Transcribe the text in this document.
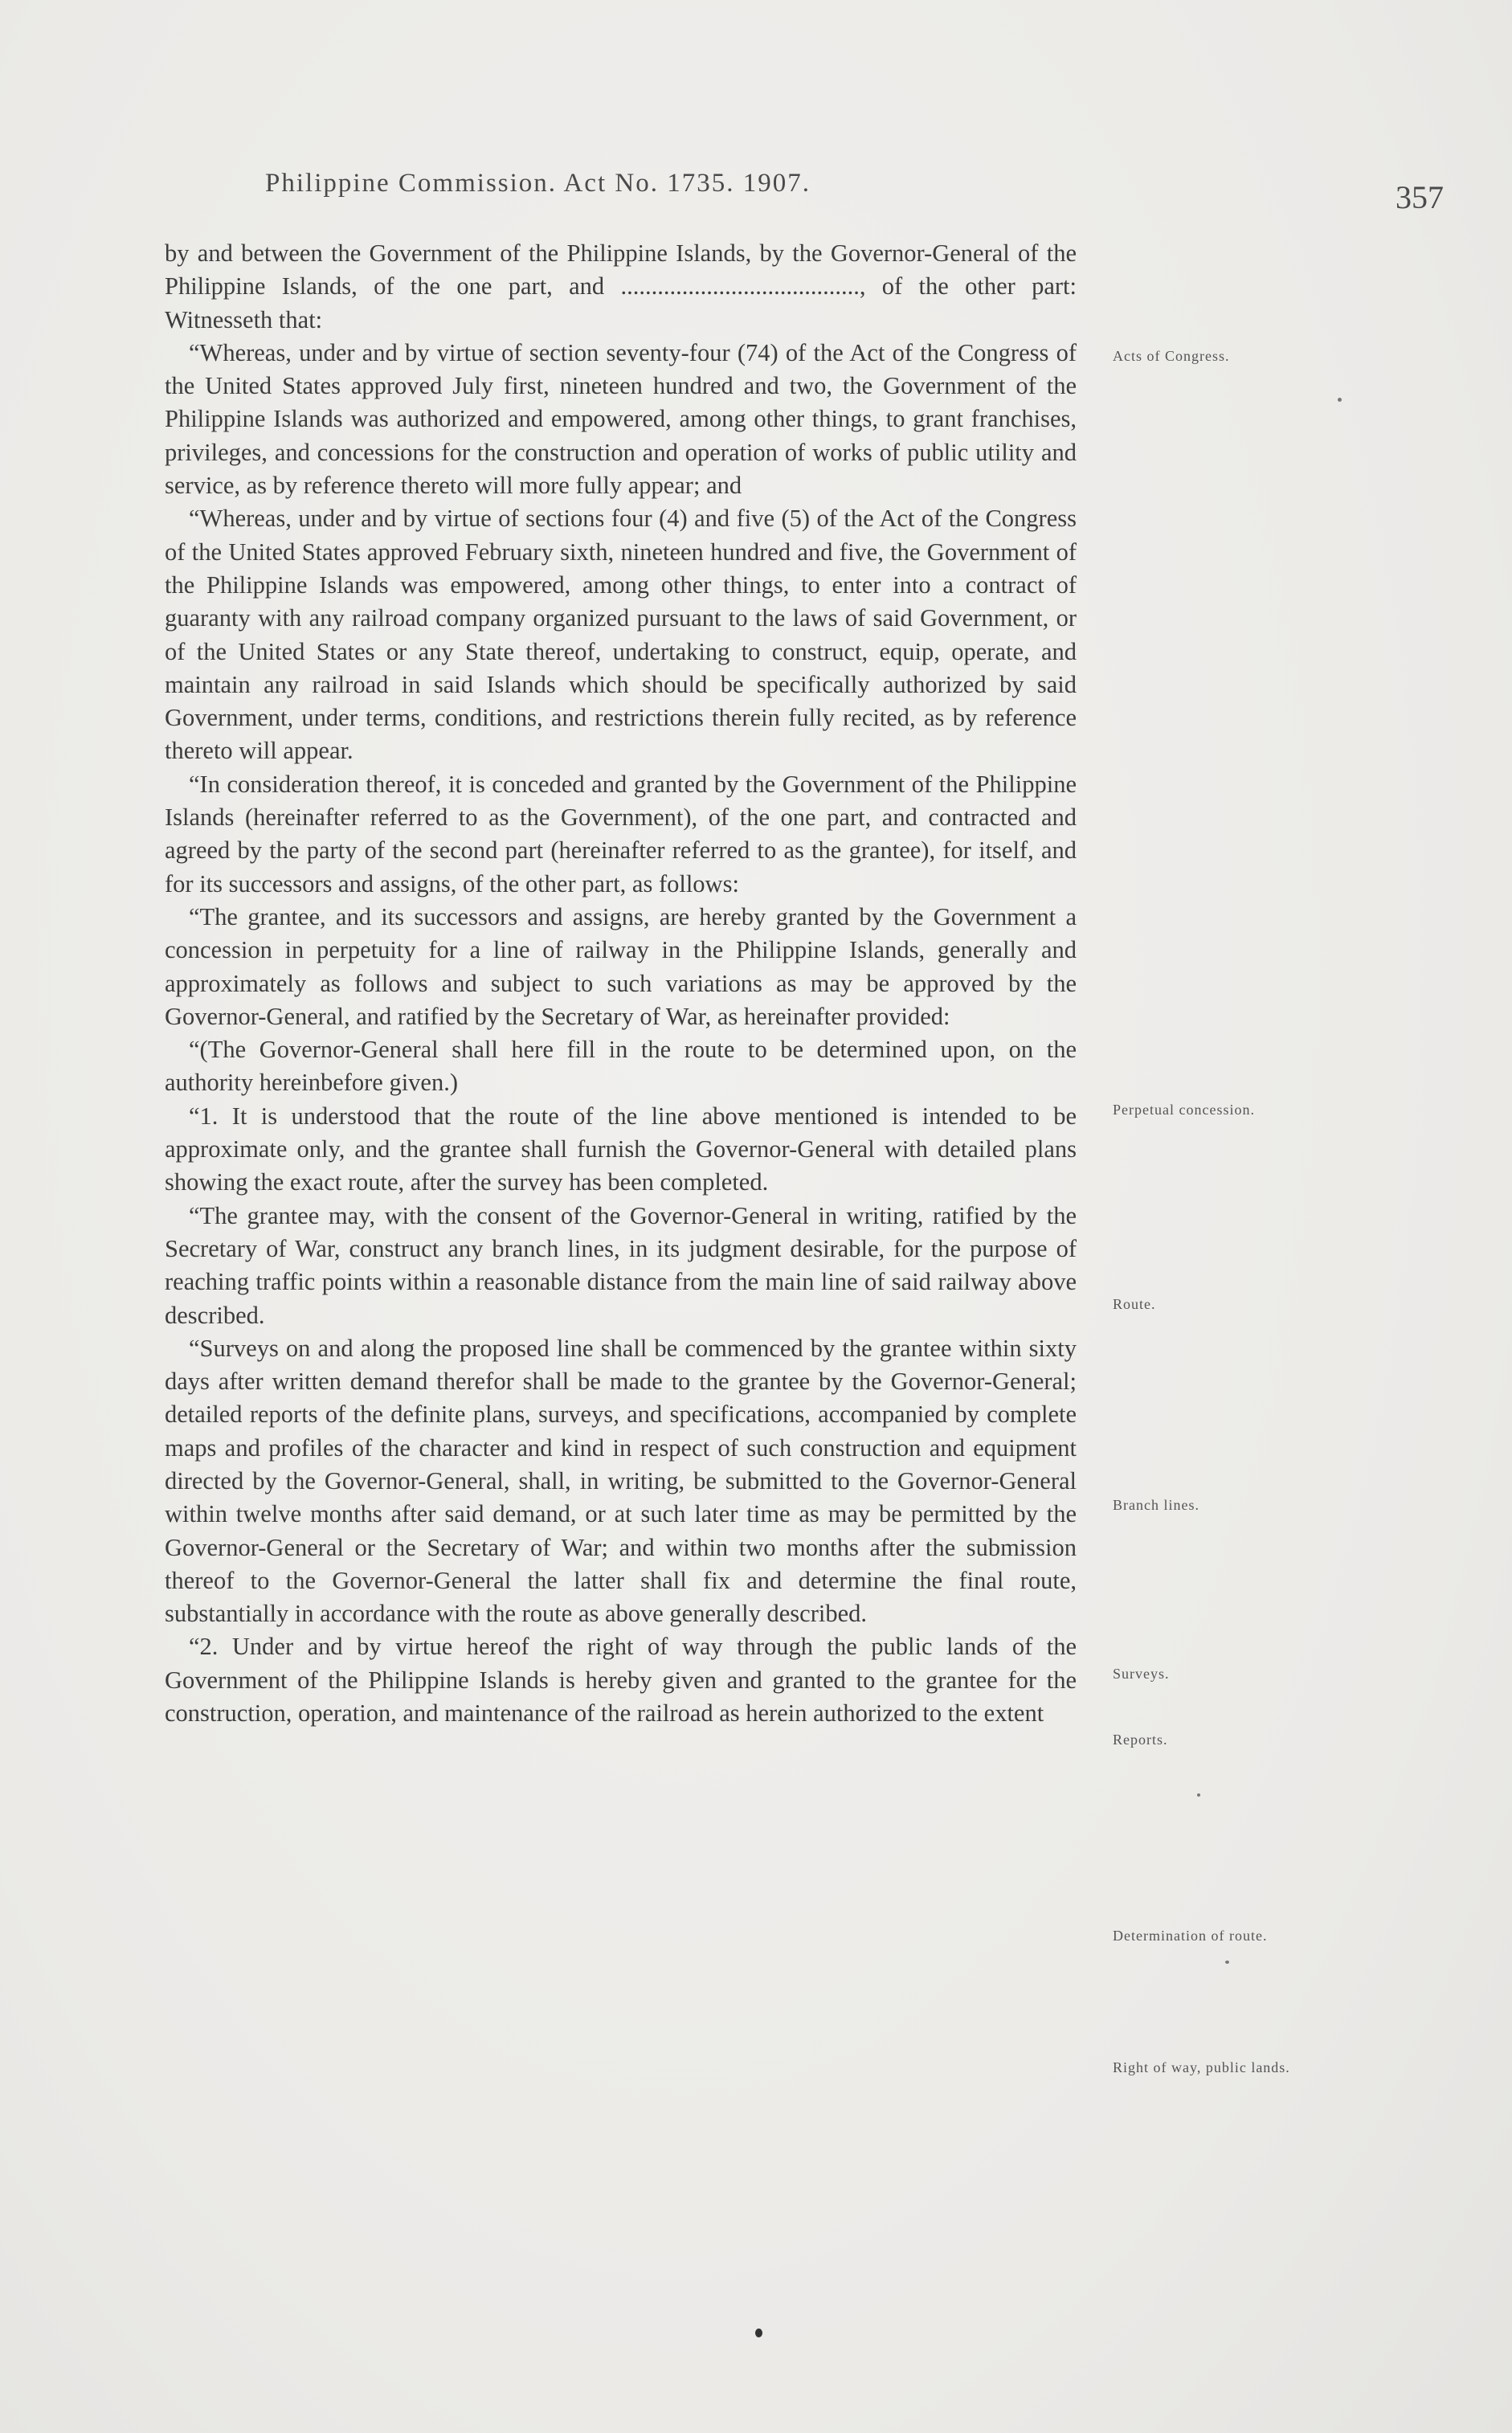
Philippine Commission. Act No. 1735. 1907.	357

by and between the Government of the Philippine Islands, by the Governor-General of the Philippine Islands, of the one part, and ......................................., of the other part: Witnesseth that:

“Whereas, under and by virtue of section seventy-four (74) of the Act of the Congress of the United States approved July first, nineteen hundred and two, the Government of the Philippine Islands was authorized and empowered, among other things, to grant franchises, privileges, and concessions for the construction and operation of works of public utility and service, as by reference thereto will more fully appear; and

“Whereas, under and by virtue of sections four (4) and five (5) of the Act of the Congress of the United States approved February sixth, nineteen hundred and five, the Government of the Philippine Islands was empowered, among other things, to enter into a contract of guaranty with any railroad company organized pursuant to the laws of said Government, or of the United States or any State thereof, undertaking to construct, equip, operate, and maintain any railroad in said Islands which should be specifically authorized by said Government, under terms, conditions, and restrictions therein fully recited, as by reference thereto will appear.

“In consideration thereof, it is conceded and granted by the Government of the Philippine Islands (hereinafter referred to as the Government), of the one part, and contracted and agreed by the party of the second part (hereinafter referred to as the grantee), for itself, and for its successors and assigns, of the other part, as follows:

“The grantee, and its successors and assigns, are hereby granted by the Government a concession in perpetuity for a line of railway in the Philippine Islands, generally and approximately as follows and subject to such variations as may be approved by the Governor-General, and ratified by the Secretary of War, as hereinafter provided:

“(The Governor-General shall here fill in the route to be determined upon, on the authority hereinbefore given.)

“1. It is understood that the route of the line above mentioned is intended to be approximate only, and the grantee shall furnish the Governor-General with detailed plans showing the exact route, after the survey has been completed.

“The grantee may, with the consent of the Governor-General in writing, ratified by the Secretary of War, construct any branch lines, in its judgment desirable, for the purpose of reaching traffic points within a reasonable distance from the main line of said railway above described.

“Surveys on and along the proposed line shall be commenced by the grantee within sixty days after written demand therefor shall be made to the grantee by the Governor-General; detailed reports of the definite plans, surveys, and specifications, accompanied by complete maps and profiles of the character and kind in respect of such construction and equipment directed by the Governor-General, shall, in writing, be submitted to the Governor-General within twelve months after said demand, or at such later time as may be permitted by the Governor-General or the Secretary of War; and within two months after the submission thereof to the Governor-General the latter shall fix and determine the final route, substantially in accordance with the route as above generally described.

“2. Under and by virtue hereof the right of way through the public lands of the Government of the Philippine Islands is hereby given and granted to the grantee for the construction, operation, and maintenance of the railroad as herein authorized to the extent

Acts of Congress.
Perpetual concession.
Route.
Branch lines.
Surveys.
Reports.
Determination of route.
Right of way, public lands.
